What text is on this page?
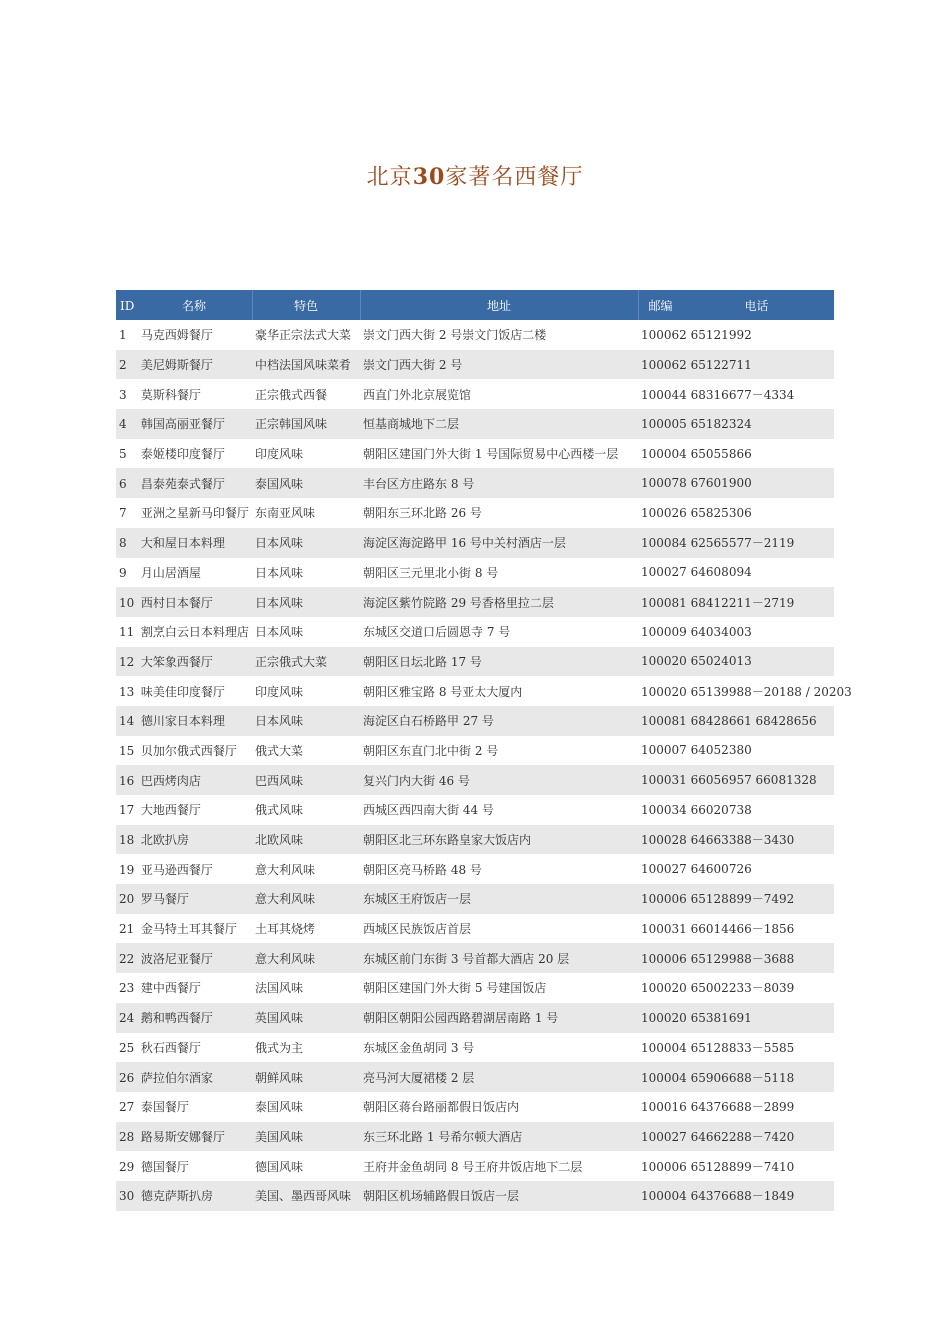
北京30家著名西餐厅
ID 名称	特色	地址	邮编 电话
1 马克西姆餐厅	豪华正宗法式大菜	崇文门西大街 2 号崇文门饭店二楼	100062 65121992
2 美尼姆斯餐厅	中档法国风味菜肴	崇文门西大街 2 号	100062 65122711
3 莫斯科餐厅	正宗俄式西餐	西直门外北京展览馆	100044 68316677－4334
4 韩国高丽亚餐厅	正宗韩国风味	恒基商城地下二层	100005 65182324
5 泰姬楼印度餐厅	印度风味	朝阳区建国门外大街 1 号国际贸易中心西楼一层	100004 65055866
6 昌泰苑泰式餐厅	泰国风味	丰台区方庄路东 8 号	100078 67601900
7 亚洲之星新马印餐厅	东南亚风味	朝阳东三环北路 26 号	100026 65825306
8 大和屋日本料理	日本风味	海淀区海淀路甲 16 号中关村酒店一层	100084 62565577－2119
9 月山居酒屋	日本风味	朝阳区三元里北小街 8 号	100027 64608094
10 西村日本餐厅	日本风味	海淀区紫竹院路 29 号香格里拉二层	100081 68412211－2719
11 割烹白云日本料理店	日本风味	东城区交道口后圆恩寺 7 号	100009 64034003
12 大笨象西餐厅	正宗俄式大菜	朝阳区日坛北路 17 号	100020 65024013
13 味美佳印度餐厅	印度风味	朝阳区雅宝路 8 号亚太大厦内	100020 65139988－20188 / 20203
14 德川家日本料理	日本风味	海淀区白石桥路甲 27 号	100081 68428661 68428656
15 贝加尔俄式西餐厅	俄式大菜	朝阳区东直门北中街 2 号	100007 64052380
16 巴西烤肉店	巴西风味	复兴门内大街 46 号	100031 66056957 66081328
17 大地西餐厅	俄式风味	西城区西四南大街 44 号	100034 66020738
18 北欧扒房	北欧风味	朝阳区北三环东路皇家大饭店内	100028 64663388－3430
19 亚马逊西餐厅	意大利风味	朝阳区亮马桥路 48 号	100027 64600726
20 罗马餐厅	意大利风味	东城区王府饭店一层	100006 65128899－7492
21 金马特土耳其餐厅	土耳其烧烤	西城区民族饭店首层	100031 66014466－1856
22 波洛尼亚餐厅	意大利风味	东城区前门东街 3 号首都大酒店 20 层	100006 65129988－3688
23 建中西餐厅	法国风味	朝阳区建国门外大街 5 号建国饭店	100020 65002233－8039
24 鹅和鸭西餐厅	英国风味	朝阳区朝阳公园西路碧湖居南路 1 号	100020 65381691
25 秋石西餐厅	俄式为主	东城区金鱼胡同 3 号	100004 65128833－5585
26 萨拉伯尔酒家	朝鲜风味	亮马河大厦裙楼 2 层	100004 65906688－5118
27 泰国餐厅	泰国风味	朝阳区蒋台路丽都假日饭店内	100016 64376688－2899
28 路易斯安娜餐厅	美国风味	东三环北路 1 号希尔顿大酒店	100027 64662288－7420
29 德国餐厅	德国风味	王府井金鱼胡同 8 号王府井饭店地下二层	100006 65128899－7410
30 德克萨斯扒房	美国、墨西哥风味	朝阳区机场辅路假日饭店一层	100004 64376688－1849
